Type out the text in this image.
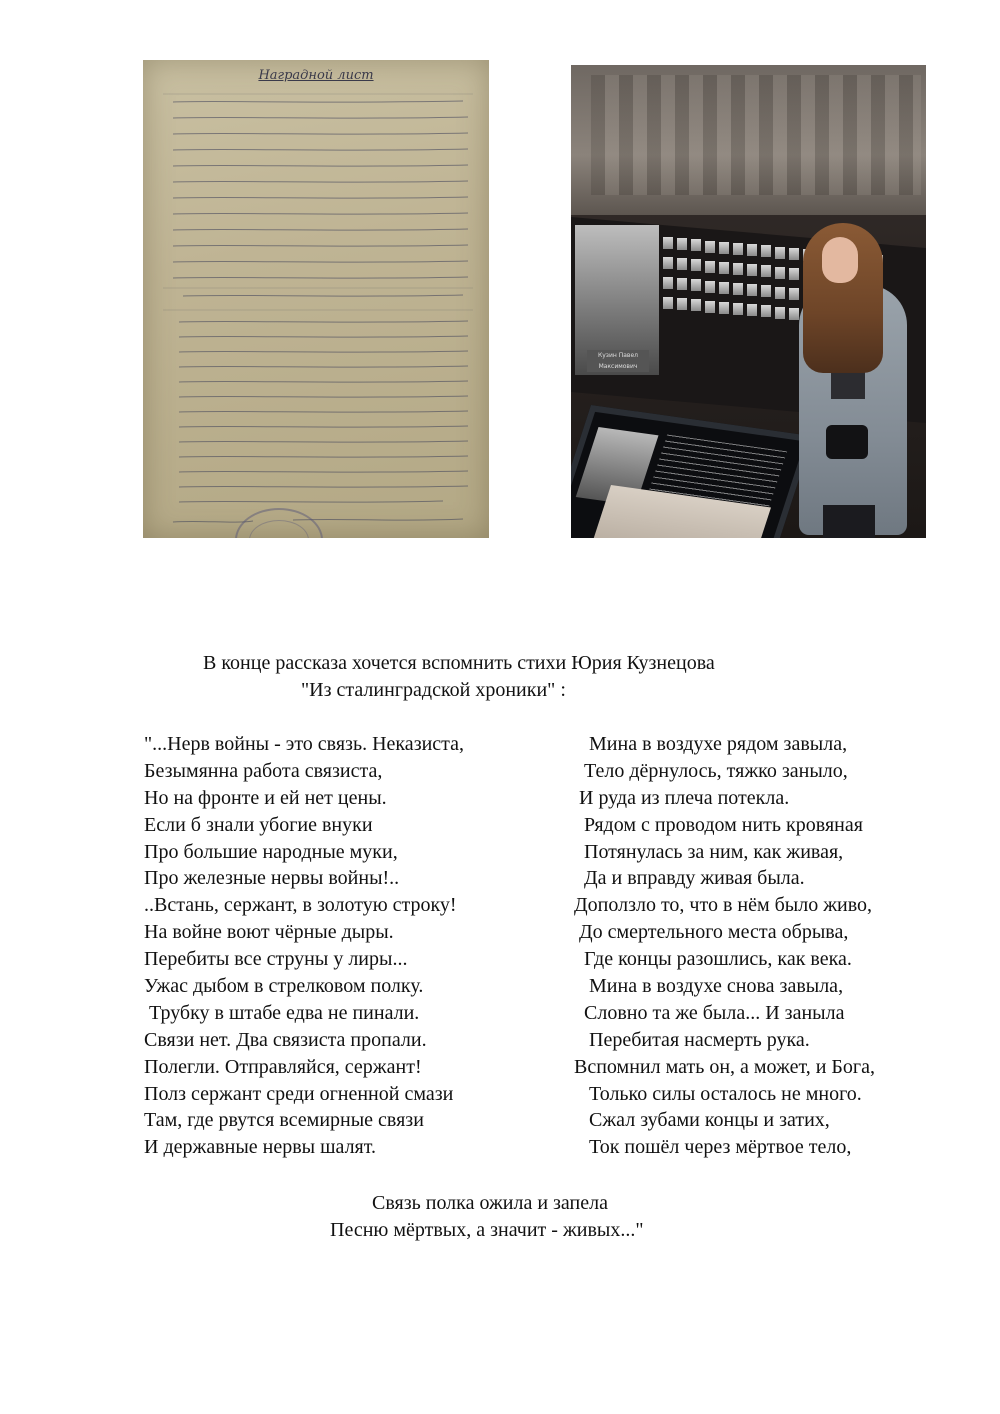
Наградной лист
Кузин Павел Максимович
В конце рассказа хочется вспомнить стихи Юрия Кузнецова
"Из сталинградской хроники" :
"...Нерв войны - это связь. Неказиста,
Безымянна работа связиста,
Но на фронте и ей нет цены.
Если б знали убогие внуки
Про большие народные муки,
Про железные нервы войны!..
..Встань, сержант, в золотую строку!
На войне воют чёрные дыры.
Перебиты все струны у лиры...
Ужас дыбом в стрелковом полку.
Трубку в штабе едва не пинали.
Связи нет. Два связиста пропали.
Полегли. Отправляйся, сержант!
Полз сержант среди огненной смази
Там, где рвутся всемирные связи
И державные нервы шалят.
Мина в воздухе рядом завыла,
Тело дёрнулось, тяжко заныло,
И руда из плеча потекла.
Рядом с проводом нить кровяная
Потянулась за ним, как живая,
Да и вправду живая была.
Доползло то, что в нём было живо,
До смертельного места обрыва,
Где концы разошлись, как века.
Мина в воздухе снова завыла,
Словно та же была... И заныла
Перебитая насмерть рука.
Вспомнил мать он, а может, и Бога,
Только силы осталось не много.
Сжал зубами концы и затих,
Ток пошёл через мёртвое тело,
Связь полка ожила и запела
Песню мёртвых, а значит - живых..."
